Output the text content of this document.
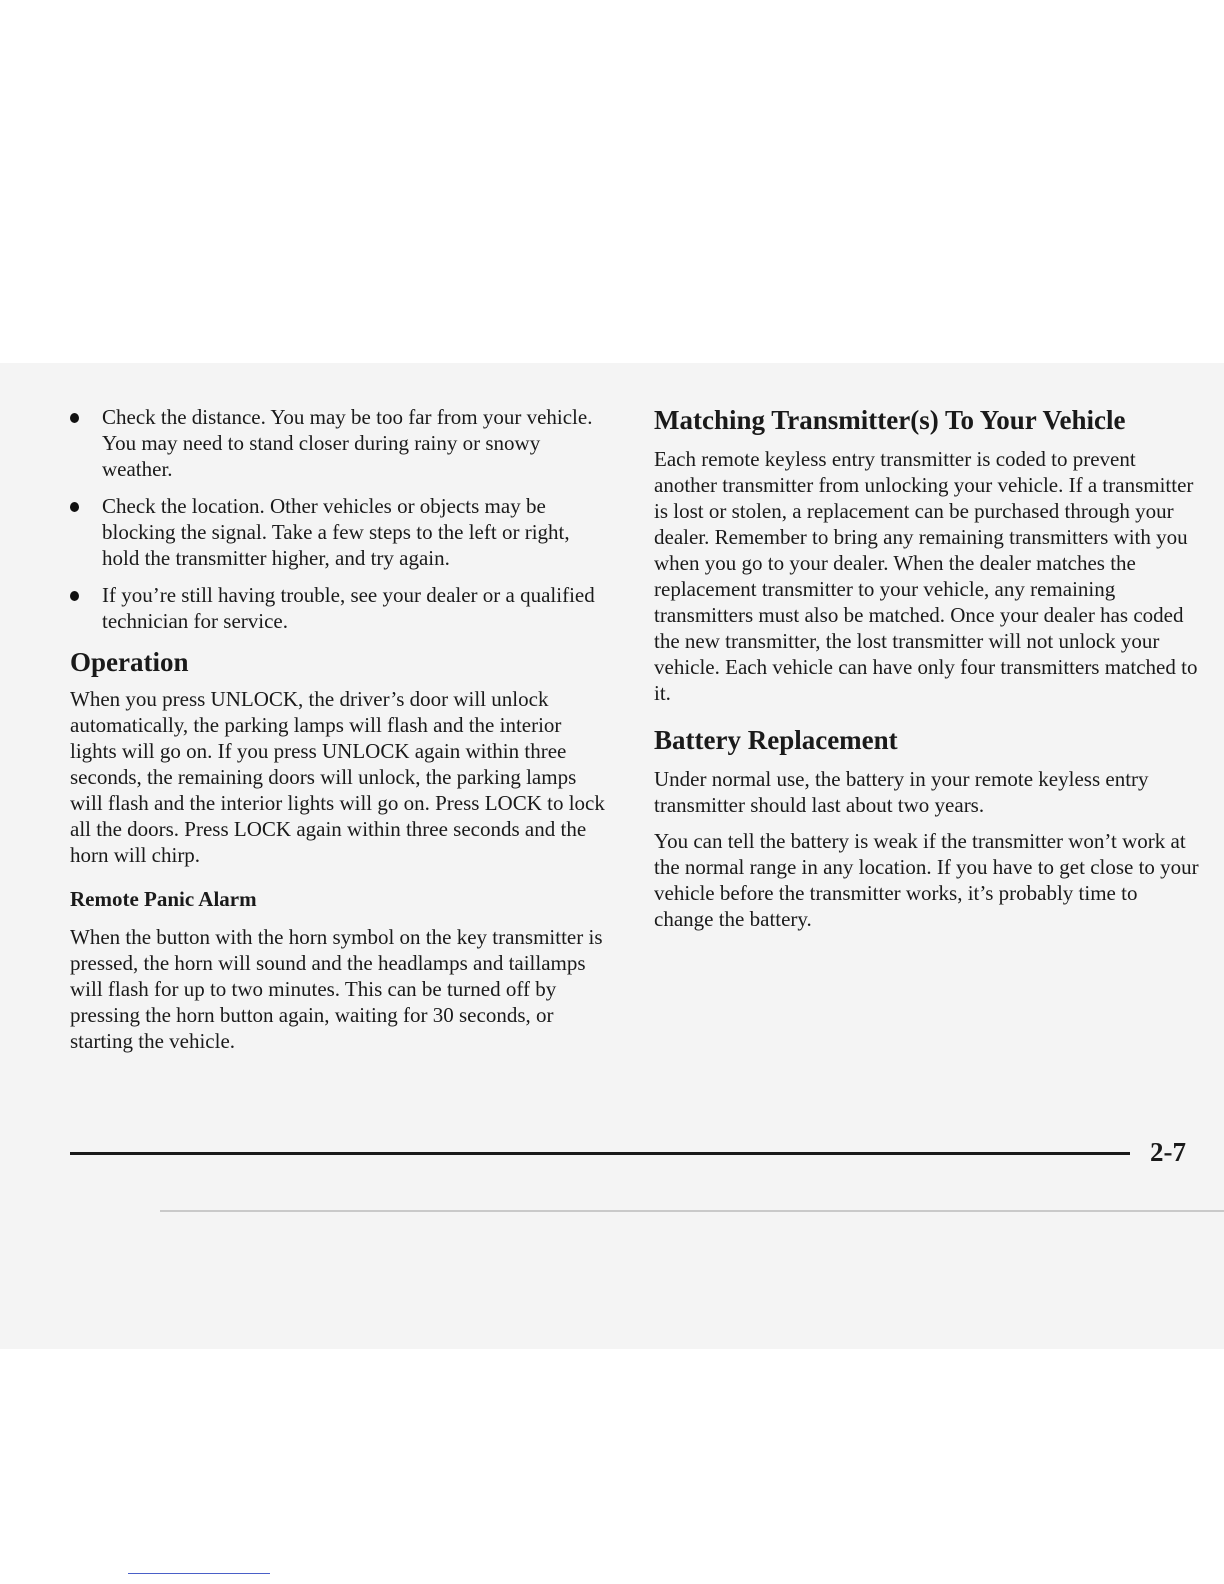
Check the distance. You may be too far from your vehicle. You may need to stand closer during rainy or snowy weather.
Check the location. Other vehicles or objects may be blocking the signal. Take a few steps to the left or right, hold the transmitter higher, and try again.
If you’re still having trouble, see your dealer or a qualified technician for service.
Operation

When you press UNLOCK, the driver’s door will unlock automatically, the parking lamps will flash and the interior lights will go on. If you press UNLOCK again within three seconds, the remaining doors will unlock, the parking lamps will flash and the interior lights will go on. Press LOCK to lock all the doors. Press LOCK again within three seconds and the horn will chirp.

Remote Panic Alarm

When the button with the horn symbol on the key transmitter is pressed, the horn will sound and the headlamps and taillamps will flash for up to two minutes. This can be turned off by pressing the horn button again, waiting for 30 seconds, or starting the vehicle.

Matching Transmitter(s) To Your Vehicle

Each remote keyless entry transmitter is coded to prevent another transmitter from unlocking your vehicle. If a transmitter is lost or stolen, a replacement can be purchased through your dealer. Remember to bring any remaining transmitters with you when you go to your dealer. When the dealer matches the replacement transmitter to your vehicle, any remaining transmitters must also be matched. Once your dealer has coded the new transmitter, the lost transmitter will not unlock your vehicle. Each vehicle can have only four transmitters matched to it.

Battery Replacement

Under normal use, the battery in your remote keyless entry transmitter should last about two years.

You can tell the battery is weak if the transmitter won’t work at the normal range in any location. If you have to get close to your vehicle before the transmitter works, it’s probably time to change the battery.

2-7
